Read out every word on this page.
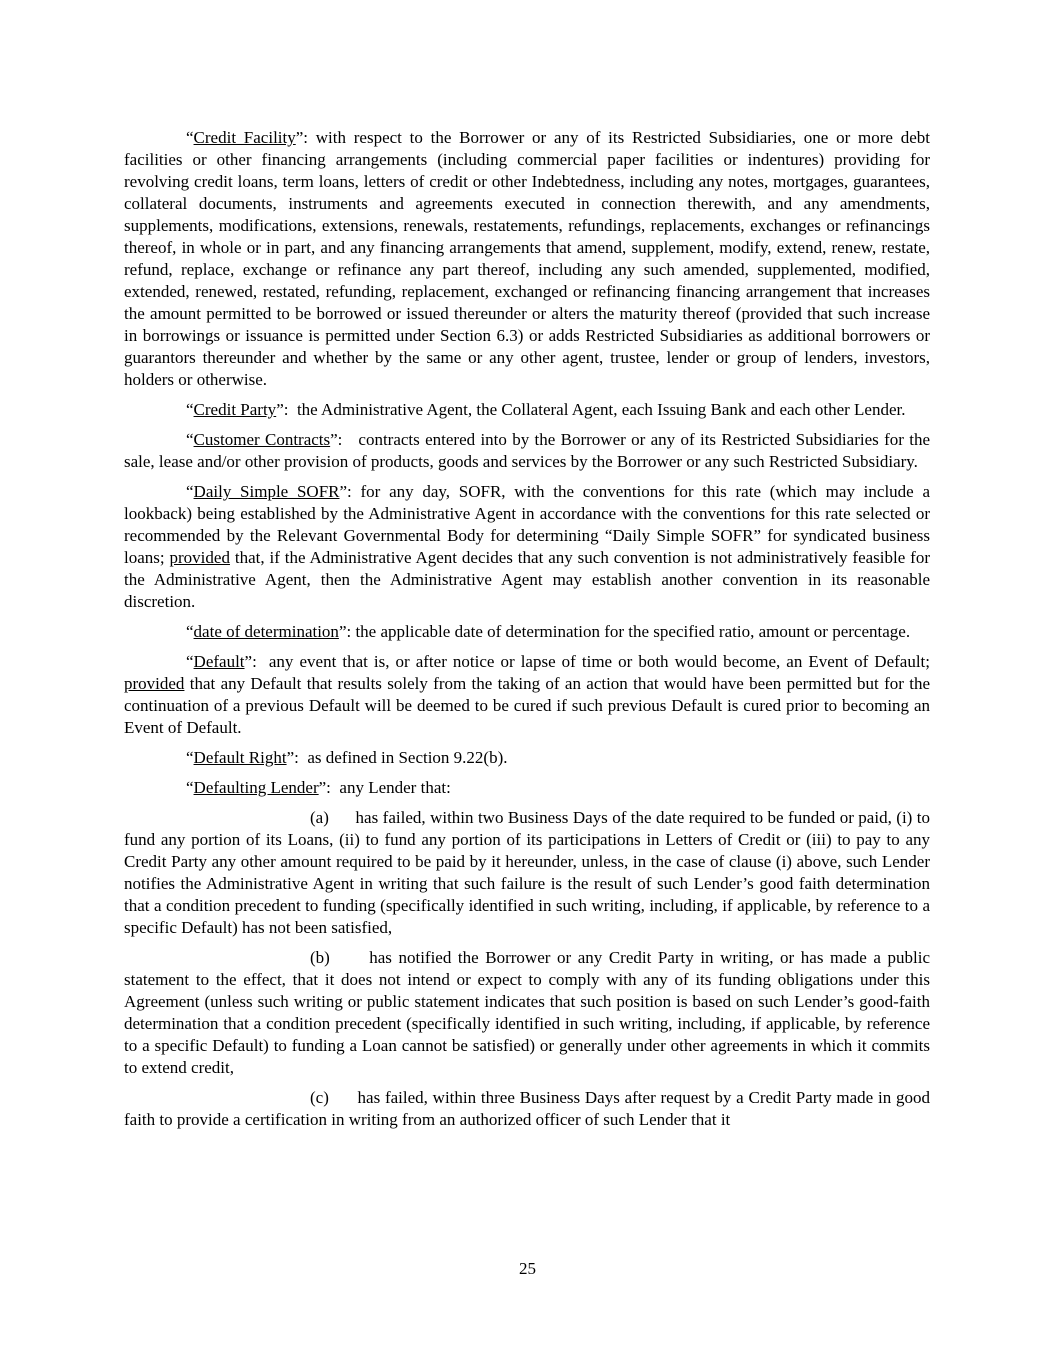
“Credit Facility”: with respect to the Borrower or any of its Restricted Subsidiaries, one or more debt facilities or other financing arrangements (including commercial paper facilities or indentures) providing for revolving credit loans, term loans, letters of credit or other Indebtedness, including any notes, mortgages, guarantees, collateral documents, instruments and agreements executed in connection therewith, and any amendments, supplements, modifications, extensions, renewals, restatements, refundings, replacements, exchanges or refinancings thereof, in whole or in part, and any financing arrangements that amend, supplement, modify, extend, renew, restate, refund, replace, exchange or refinance any part thereof, including any such amended, supplemented, modified, extended, renewed, restated, refunding, replacement, exchanged or refinancing financing arrangement that increases the amount permitted to be borrowed or issued thereunder or alters the maturity thereof (provided that such increase in borrowings or issuance is permitted under Section 6.3) or adds Restricted Subsidiaries as additional borrowers or guarantors thereunder and whether by the same or any other agent, trustee, lender or group of lenders, investors, holders or otherwise.

“Credit Party”:  the Administrative Agent, the Collateral Agent, each Issuing Bank and each other Lender.

“Customer Contracts”:   contracts entered into by the Borrower or any of its Restricted Subsidiaries for the sale, lease and/or other provision of products, goods and services by the Borrower or any such Restricted Subsidiary.

“Daily Simple SOFR”: for any day, SOFR, with the conventions for this rate (which may include a lookback) being established by the Administrative Agent in accordance with the conventions for this rate selected or recommended by the Relevant Governmental Body for determining “Daily Simple SOFR” for syndicated business loans; provided that, if the Administrative Agent decides that any such convention is not administratively feasible for the Administrative Agent, then the Administrative Agent may establish another convention in its reasonable discretion.

“date of determination”: the applicable date of determination for the specified ratio, amount or percentage.

“Default”:  any event that is, or after notice or lapse of time or both would become, an Event of Default; provided that any Default that results solely from the taking of an action that would have been permitted but for the continuation of a previous Default will be deemed to be cured if such previous Default is cured prior to becoming an Event of Default.

“Default Right”:  as defined in Section 9.22(b).

“Defaulting Lender”:  any Lender that:

(a)      has failed, within two Business Days of the date required to be funded or paid, (i) to fund any portion of its Loans, (ii) to fund any portion of its participations in Letters of Credit or (iii) to pay to any Credit Party any other amount required to be paid by it hereunder, unless, in the case of clause (i) above, such Lender notifies the Administrative Agent in writing that such failure is the result of such Lender’s good faith determination that a condition precedent to funding (specifically identified in such writing, including, if applicable, by reference to a specific Default) has not been satisfied,

(b)      has notified the Borrower or any Credit Party in writing, or has made a public statement to the effect, that it does not intend or expect to comply with any of its funding obligations under this Agreement (unless such writing or public statement indicates that such position is based on such Lender’s good-faith determination that a condition precedent (specifically identified in such writing, including, if applicable, by reference to a specific Default) to funding a Loan cannot be satisfied) or generally under other agreements in which it commits to extend credit,

(c)      has failed, within three Business Days after request by a Credit Party made in good faith to provide a certification in writing from an authorized officer of such Lender that it

25
